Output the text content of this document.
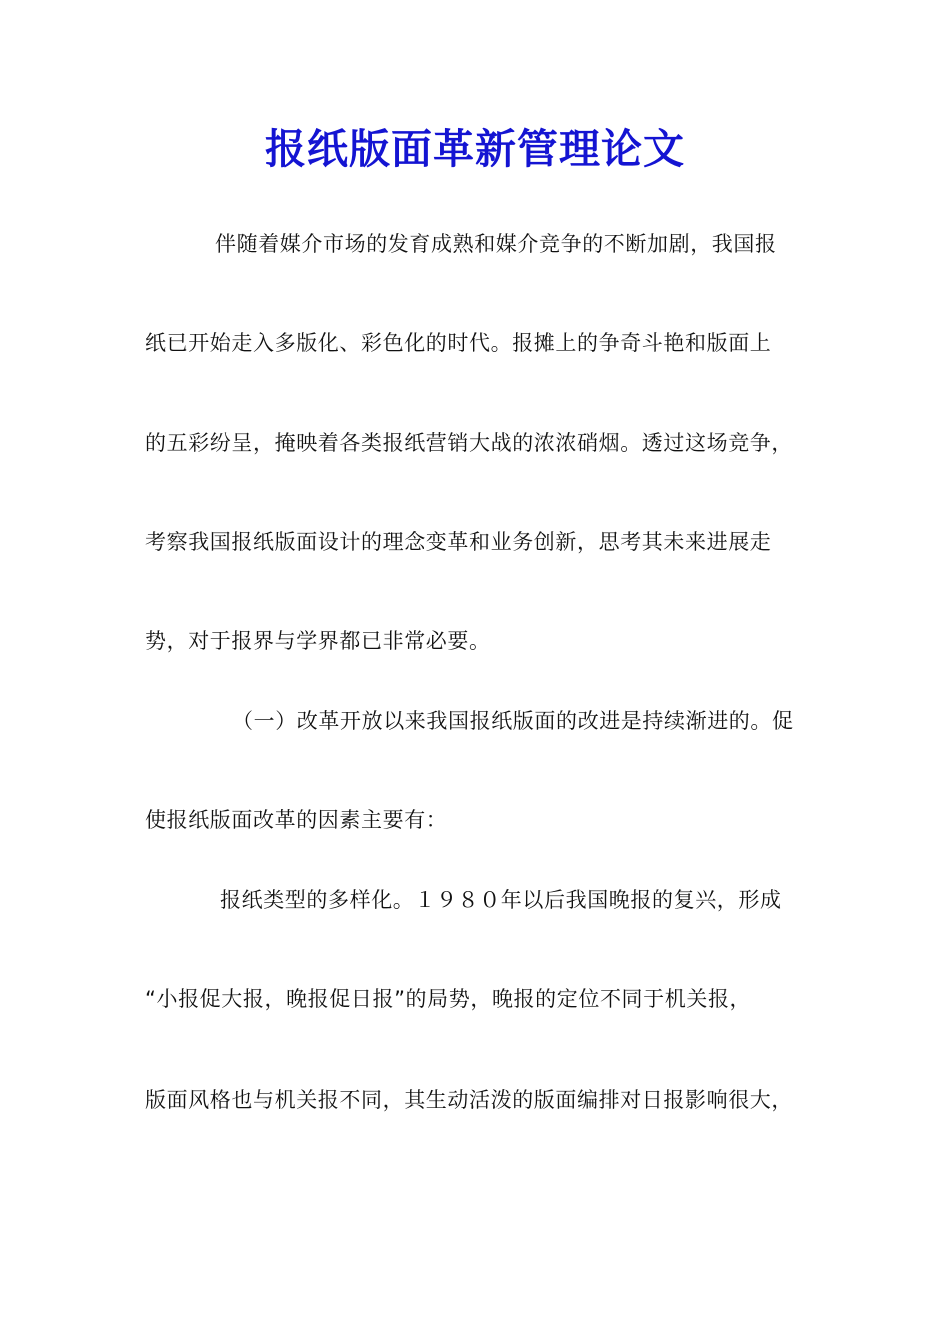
报纸版面革新管理论文
伴随着媒介市场的发育成熟和媒介竞争的不断加剧，我国报
纸已开始走入多版化、彩色化的时代。报摊上的争奇斗艳和版面上
的五彩纷呈，掩映着各类报纸营销大战的浓浓硝烟。透过这场竞争，
考察我国报纸版面设计的理念变革和业务创新，思考其未来进展走
势，对于报界与学界都已非常必要。
（一）改革开放以来我国报纸版面的改进是持续渐进的。促
使报纸版面改革的因素主要有：
报纸类型的多样化。１９８０年以后我国晚报的复兴，形成
“小报促大报，晚报促日报”的局势，晚报的定位不同于机关报，
版面风格也与机关报不同，其生动活泼的版面编排对日报影响很大，
